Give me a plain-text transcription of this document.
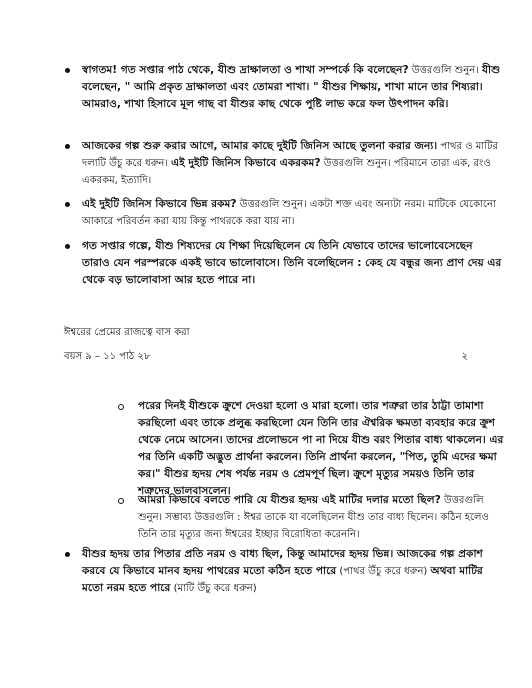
স্বাগতম! গত সপ্তার পাঠ থেকে, যীশু দ্রাক্ষালতা ও শাখা সম্পর্কে কি বলেছেন? উত্তরগুলি শুনুন। যীশু বলেছেন, " আমি প্রকৃত দ্রাক্ষালতা এবং তোমরা শাখা। " যীশুর শিক্ষায়, শাখা মানে তার শিষ্যরা। আমরাও, শাখা হিসাবে মূল গাছ বা যীশুর কাছ থেকে পুষ্টি লাভ করে ফল উৎপাদন করি।
আজকের গল্প শুরু করার আগে, আমার কাছে দুইটি জিনিস আছে তুলনা করার জন্য। পাথর ও মাটির দলাটি উঁচু করে ধরুন। এই দুইটি জিনিস কিভাবে একরকম? উত্তরগুলি শুনুন। পরিমানে তারা এক, রংও একরকম, ইত্যাদি।
এই দুইটি জিনিস কিভাবে ভিন্ন রকম? উত্তরগুলি শুনুন। একটা শক্ত এবং অন্যটা নরম। মাটিকে যেকোনো আকারে পরিবর্তন করা যায় কিন্তু পাথরকে করা যায় না।
গত সপ্তার গল্পে, যীশু শিষ্যদের যে শিক্ষা দিয়েছিলেন যে তিনি যেভাবে তাদের ভালোবেসেছেন তারাও যেন পরস্পরকে একই ভাবে ভালোবাসে। তিনি বলেছিলেন : কেহ যে বন্ধুর জন্য প্রাণ দেয় এর থেকে বড় ভালোবাসা আর হতে পারে না।
ঈশ্বরের প্রেমের রাজত্বে বাস করা
বয়স ৯ – ১১ পাঠ ২৮	২
পরের দিনই যীশুকে ক্রুশে দেওয়া হলো ও মারা হলো। তার শত্রুরা তার ঠাট্টা তামাশা করছিলো এবং তাকে প্রলুব্ধ করছিলো যেন তিনি তার ঐশ্বরিক ক্ষমতা ব্যবহার করে ক্রুশ থেকে নেমে আসেন। তাদের প্রলোভনে পা না দিয়ে যীশু বরং পিতার বাধ্য থাকলেন। এর পর তিনি একটি অদ্ভুত প্রার্থনা করলেন। তিনি প্রার্থনা করলেন, "পিত, তুমি এদের ক্ষমা কর।" যীশুর হৃদয় শেষ পর্যন্ত নরম ও প্রেমপূর্ণ ছিল। ক্রুশে মৃত্যুর সময়ও তিনি তার শত্রুদের ভালবাসলেন।
আমরা কিভাবে বলতে পারি যে যীশুর হৃদয় এই মাটির দলার মতো ছিল? উত্তরগুলি শুনুন। সম্ভাব্য উত্তরগুলি : ঈশ্বর তাকে যা বলেছিলেন যীশু তার বাধ্য ছিলেন। কঠিন হলেও তিনি তার মৃত্যুর জন্য ঈশ্বরের ইচ্ছার বিরোধিতা করেননি।
যীশুর হৃদয় তার পিতার প্রতি নরম ও বাধ্য ছিল, কিন্তু আমাদের হৃদয় ভিন্ন। আজকের গল্প প্রকাশ করবে যে কিভাবে মানব হৃদয় পাথরের মতো কঠিন হতে পারে (পাথর উঁচু করে ধরুন) অথবা মাটির মতো নরম হতে পারে (মাটি উঁচু করে ধরুন)
